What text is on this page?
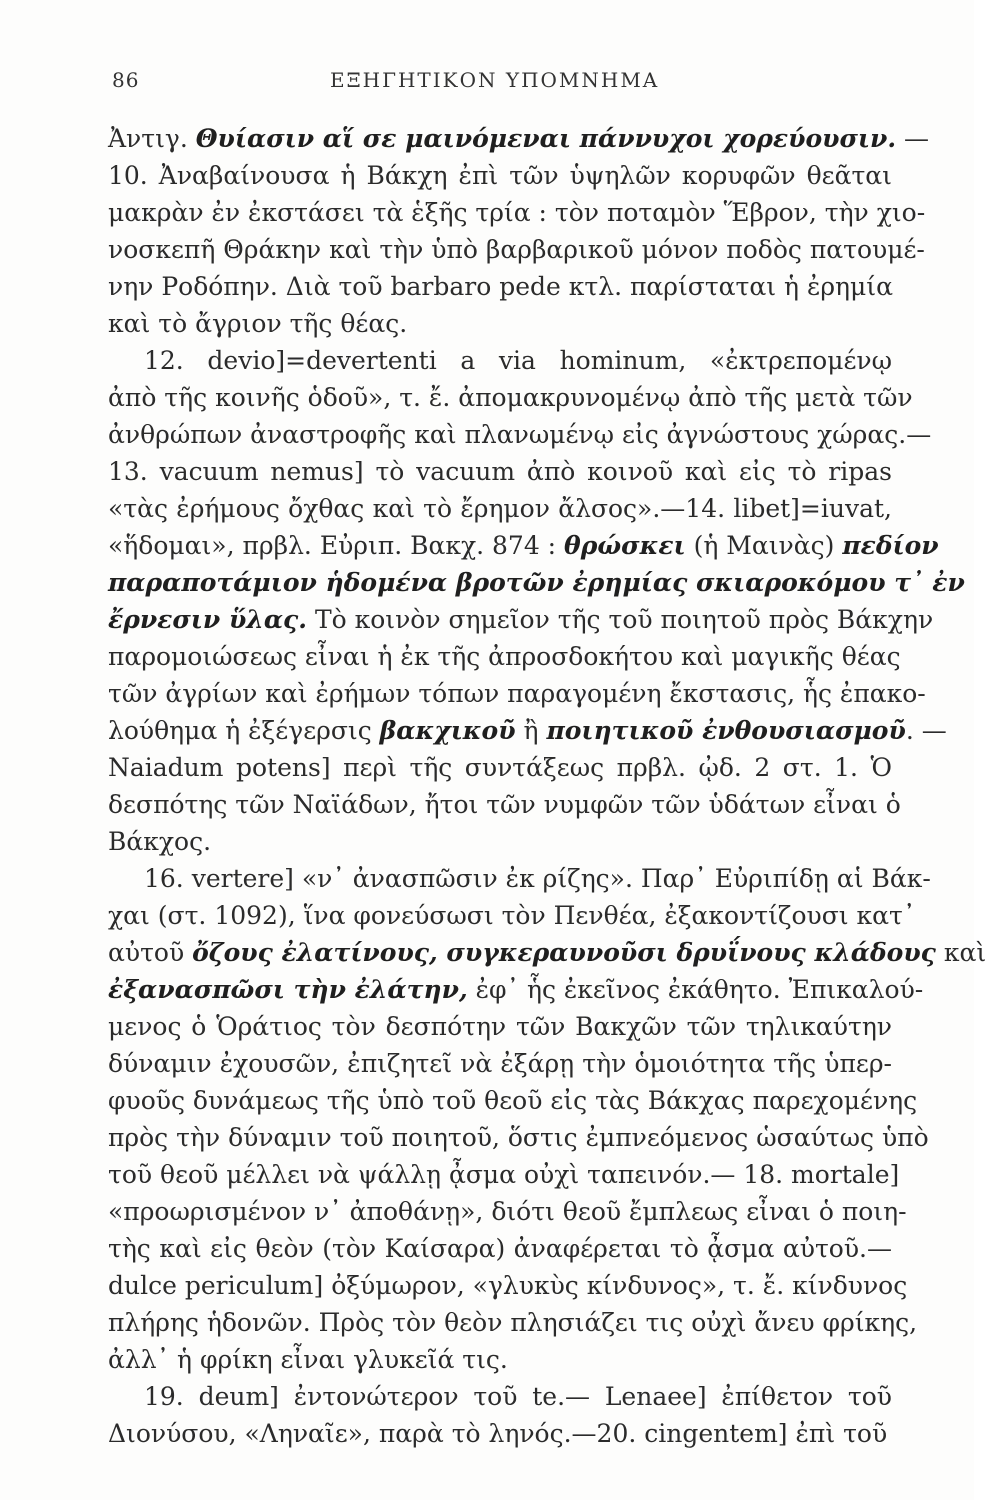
86	ΕΞΗΓΗΤΙΚΟΝ ΥΠΟΜΝΗΜΑ
Ἀντιγ. Θυίασιν αἵ σε μαινόμεναι πάννυχοι χορεύουσιν. —
10. Ἀναβαίνουσα ἡ Βάκχη ἐπὶ τῶν ὑψηλῶν κορυφῶν θεᾶται
μακρὰν ἐν ἐκστάσει τὰ ἑξῆς τρία : τὸν ποταμὸν Ἕβρον, τὴν χιο-
νοσκεπῆ Θράκην καὶ τὴν ὑπὸ βαρβαρικοῦ μόνον ποδὸς πατουμέ-
νην Ροδόπην. Διὰ τοῦ barbaro pede κτλ. παρίσταται ἡ ἐρημία
καὶ τὸ ἄγριον τῆς θέας.
12. devio]=devertenti a via hominum, «ἐκτρεπομένῳ
ἀπὸ τῆς κοινῆς ὁδοῦ», τ. ἔ. ἀπομακρυνομένῳ ἀπὸ τῆς μετὰ τῶν
ἀνθρώπων ἀναστροφῆς καὶ πλανωμένῳ εἰς ἀγνώστους χώρας.—
13. vacuum nemus] τὸ vacuum ἀπὸ κοινοῦ καὶ εἰς τὸ ripas
«τὰς ἐρήμους ὄχθας καὶ τὸ ἔρημον ἄλσος».—14. libet]=iuvat,
«ἥδομαι», πρβλ. Εὐριπ. Βακχ. 874 : θρώσκει (ἡ Μαινὰς) πεδίον
παραποτάμιον ἡδομένα βροτῶν ἐρημίας σκιαροκόμου τ᾽ ἐν
ἔρνεσιν ὕλας. Τὸ κοινὸν σημεῖον τῆς τοῦ ποιητοῦ πρὸς Βάκχην
παρομοιώσεως εἶναι ἡ ἐκ τῆς ἀπροσδοκήτου καὶ μαγικῆς θέας
τῶν ἀγρίων καὶ ἐρήμων τόπων παραγομένη ἔκστασις, ἧς ἐπακο-
λούθημα ἡ ἐξέγερσις βακχικοῦ ἢ ποιητικοῦ ἐνθουσιασμοῦ. —
Naiadum potens] περὶ τῆς συντάξεως πρβλ. ᾠδ. 2 στ. 1. Ὁ
δεσπότης τῶν Ναϊάδων, ἤτοι τῶν νυμφῶν τῶν ὑδάτων εἶναι ὁ
Βάκχος.
16. vertere] «ν᾽ ἀνασπῶσιν ἐκ ρίζης». Παρ᾽ Εὐριπίδῃ αἱ Βάκ-
χαι (στ. 1092), ἵνα φονεύσωσι τὸν Πενθέα, ἐξακοντίζουσι κατ᾽
αὐτοῦ ὄζους ἐλατίνους, συγκεραυνοῦσι δρυΐνους κλάδους καὶ
ἐξανασπῶσι τὴν ἐλάτην, ἐφ᾽ ἧς ἐκεῖνος ἐκάθητο. Ἐπικαλού-
μενος ὁ Ὁράτιος τὸν δεσπότην τῶν Βακχῶν τῶν τηλικαύτην
δύναμιν ἐχουσῶν, ἐπιζητεῖ νὰ ἐξάρῃ τὴν ὁμοιότητα τῆς ὑπερ-
φυοῦς δυνάμεως τῆς ὑπὸ τοῦ θεοῦ εἰς τὰς Βάκχας παρεχομένης
πρὸς τὴν δύναμιν τοῦ ποιητοῦ, ὅστις ἐμπνεόμενος ὡσαύτως ὑπὸ
τοῦ θεοῦ μέλλει νὰ ψάλλῃ ᾆσμα οὐχὶ ταπεινόν.— 18. mortale]
«προωρισμένον ν᾽ ἀποθάνῃ», διότι θεοῦ ἔμπλεως εἶναι ὁ ποιη-
τὴς καὶ εἰς θεὸν (τὸν Καίσαρα) ἀναφέρεται τὸ ᾆσμα αὐτοῦ.—
dulce periculum] ὀξύμωρον, «γλυκὺς κίνδυνος», τ. ἔ. κίνδυνος
πλήρης ἡδονῶν. Πρὸς τὸν θεὸν πλησιάζει τις οὐχὶ ἄνευ φρίκης,
ἀλλ᾽ ἡ φρίκη εἶναι γλυκεῖά τις.
19. deum] ἐντονώτερον τοῦ te.— Lenaee] ἐπίθετον τοῦ
Διονύσου, «Ληναῖε», παρὰ τὸ ληνός.—20. cingentem] ἐπὶ τοῦ
